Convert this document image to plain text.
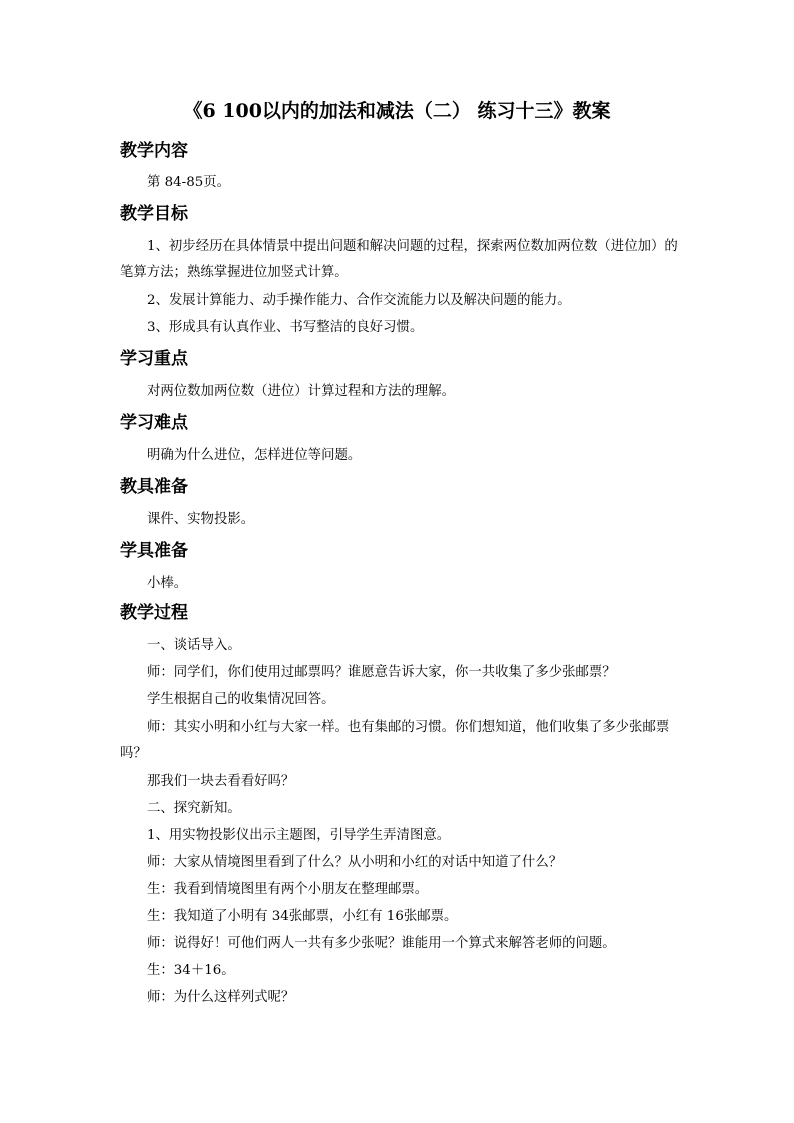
《6 100以内的加法和减法（二） 练习十三》教案
教学内容
第 84-85页。
教学目标
1、初步经历在具体情景中提出问题和解决问题的过程，探索两位数加两位数（进位加）的笔算方法；熟练掌握进位加竖式计算。
2、发展计算能力、动手操作能力、合作交流能力以及解决问题的能力。
3、形成具有认真作业、书写整洁的良好习惯。
学习重点
对两位数加两位数（进位）计算过程和方法的理解。
学习难点
明确为什么进位，怎样进位等问题。
教具准备
课件、实物投影。
学具准备
小棒。
教学过程
一、谈话导入。
师：同学们，你们使用过邮票吗？谁愿意告诉大家，你一共收集了多少张邮票？
学生根据自己的收集情况回答。
师：其实小明和小红与大家一样。也有集邮的习惯。你们想知道，他们收集了多少张邮票吗？
那我们一块去看看好吗？
二、探究新知。
1、用实物投影仪出示主题图，引导学生弄清图意。
师：大家从情境图里看到了什么？从小明和小红的对话中知道了什么？
生：我看到情境图里有两个小朋友在整理邮票。
生：我知道了小明有 34张邮票，小红有 16张邮票。
师：说得好！可他们两人一共有多少张呢？谁能用一个算式来解答老师的问题。
生：34＋16。
师：为什么这样列式呢？
